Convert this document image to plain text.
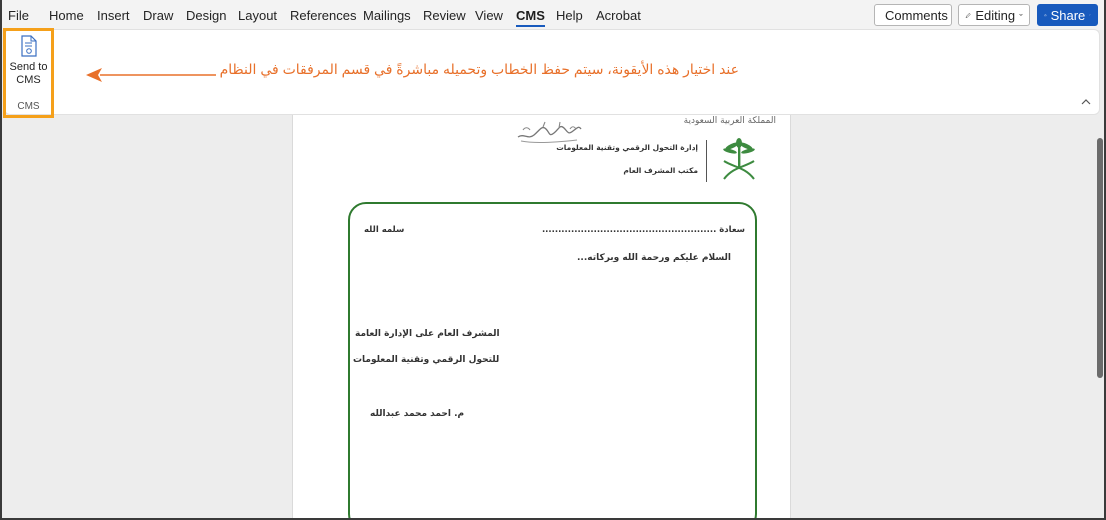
File Home Insert Draw Design Layout References Mailings Review View CMS Help Acrobat	Comments Editing	Share
Send to CMS
CMS
عند اختيار هذه الأيقونة، سيتم حفظ الخطاب وتحميله مباشرةً في قسم المرفقات في النظام
المملكة العربية السعودية
إدارة التحول الرقمي وتقنية المعلومات
مكتب المشرف العام
سعادة ......................................................
سلمه الله
السلام عليكم ورحمة الله وبركاته...
المشرف العام على الإدارة العامة
للتحول الرقمي وتقنية المعلومات
م. احمد محمد عبدالله
